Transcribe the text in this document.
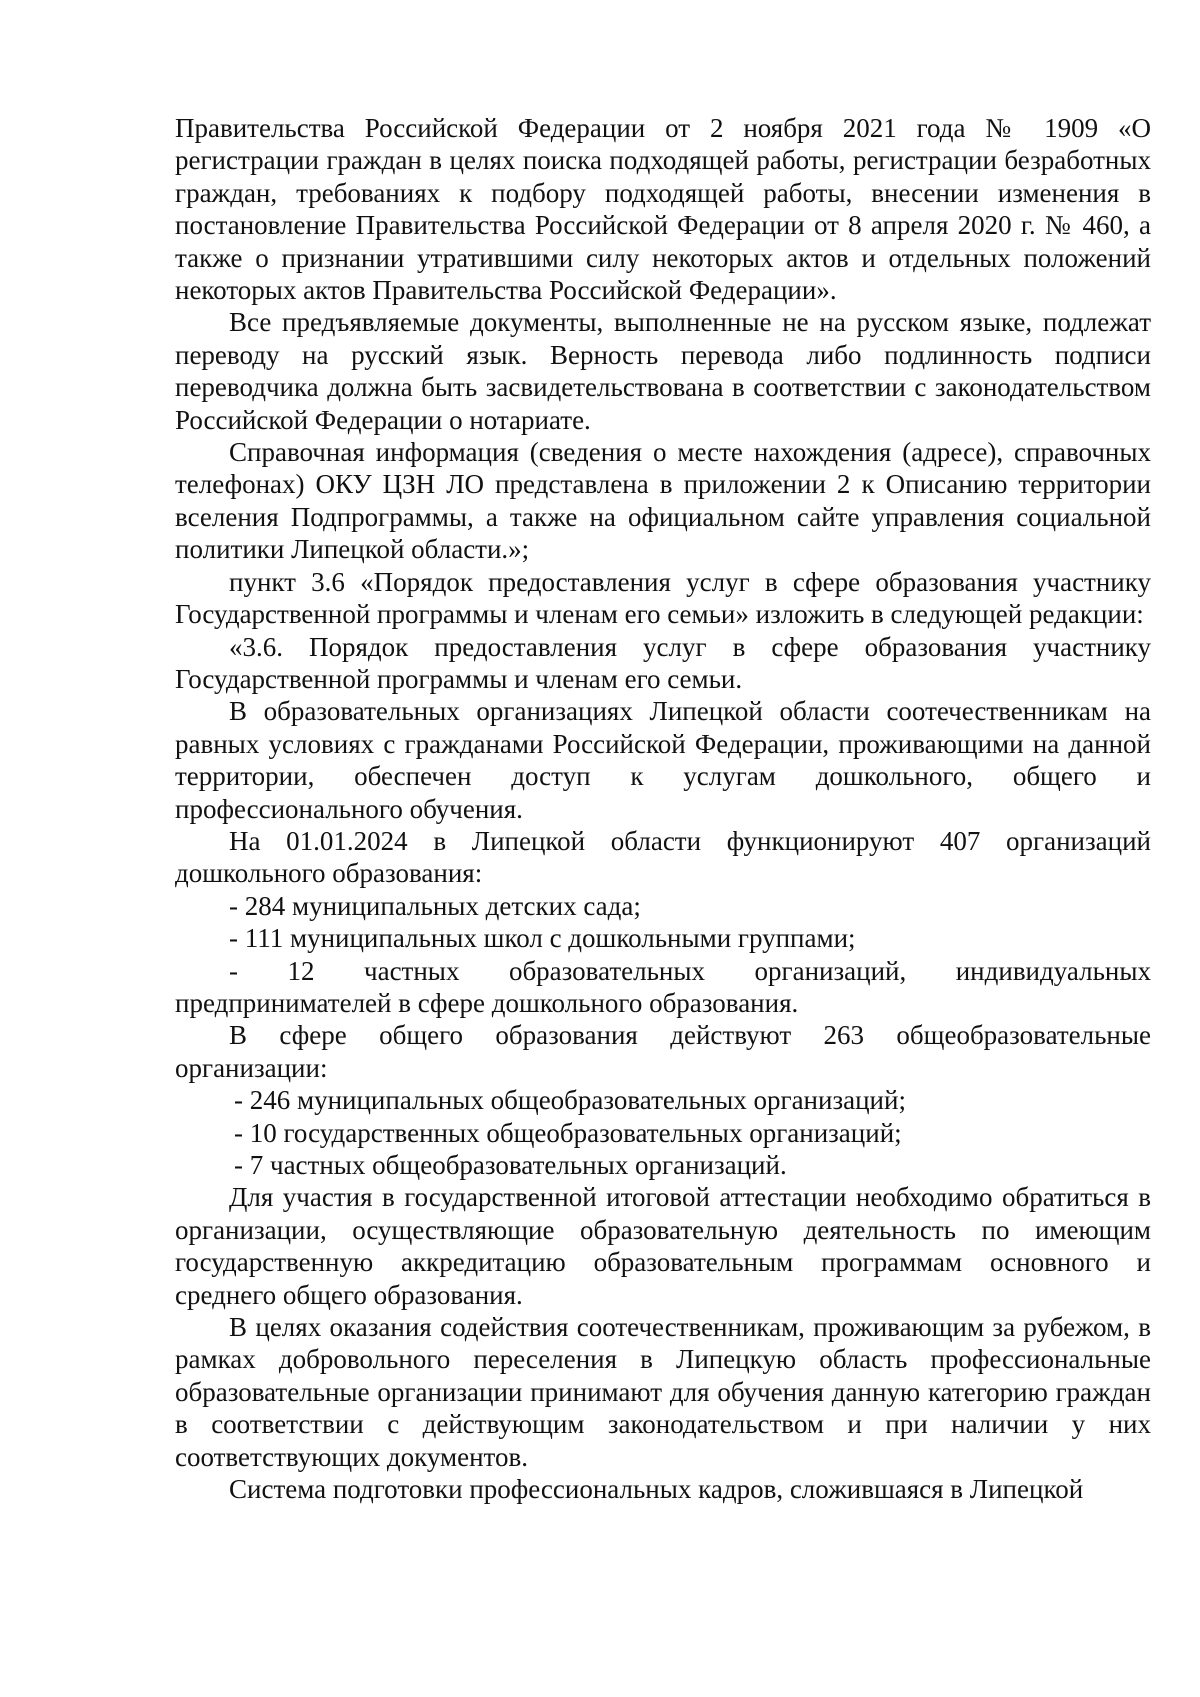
Правительства Российской Федерации от 2 ноября 2021 года № 1909 «О регистрации граждан в целях поиска подходящей работы, регистрации безработных граждан, требованиях к подбору подходящей работы, внесении изменения в постановление Правительства Российской Федерации от 8 апреля 2020 г. № 460, а также о признании утратившими силу некоторых актов и отдельных положений некоторых актов Правительства Российской Федерации».

Все предъявляемые документы, выполненные не на русском языке, подлежат переводу на русский язык. Верность перевода либо подлинность подписи переводчика должна быть засвидетельствована в соответствии с законодательством Российской Федерации о нотариате.

Справочная информация (сведения о месте нахождения (адресе), справочных телефонах) ОКУ ЦЗН ЛО представлена в приложении 2 к Описанию территории вселения Подпрограммы, а также на официальном сайте управления социальной политики Липецкой области.»;

пункт 3.6 «Порядок предоставления услуг в сфере образования участнику Государственной программы и членам его семьи» изложить в следующей редакции:

«3.6. Порядок предоставления услуг в сфере образования участнику Государственной программы и членам его семьи.

В образовательных организациях Липецкой области соотечественникам на равных условиях с гражданами Российской Федерации, проживающими на данной территории, обеспечен доступ к услугам дошкольного, общего и профессионального обучения.

На 01.01.2024 в Липецкой области функционируют 407 организаций дошкольного образования:

- 284 муниципальных детских сада;

- 111 муниципальных школ с дошкольными группами;

- 12 частных образовательных организаций, индивидуальных предпринимателей в сфере дошкольного образования.

В сфере общего образования действуют 263 общеобразовательные организации:

- 246 муниципальных общеобразовательных организаций;

- 10 государственных общеобразовательных организаций;

- 7 частных общеобразовательных организаций.

Для участия в государственной итоговой аттестации необходимо обратиться в организации, осуществляющие образовательную деятельность по имеющим государственную аккредитацию образовательным программам основного и среднего общего образования.

В целях оказания содействия соотечественникам, проживающим за рубежом, в рамках добровольного переселения в Липецкую область профессиональные образовательные организации принимают для обучения данную категорию граждан в соответствии с действующим законодательством и при наличии у них соответствующих документов.

Система подготовки профессиональных кадров, сложившаяся в Липецкой
